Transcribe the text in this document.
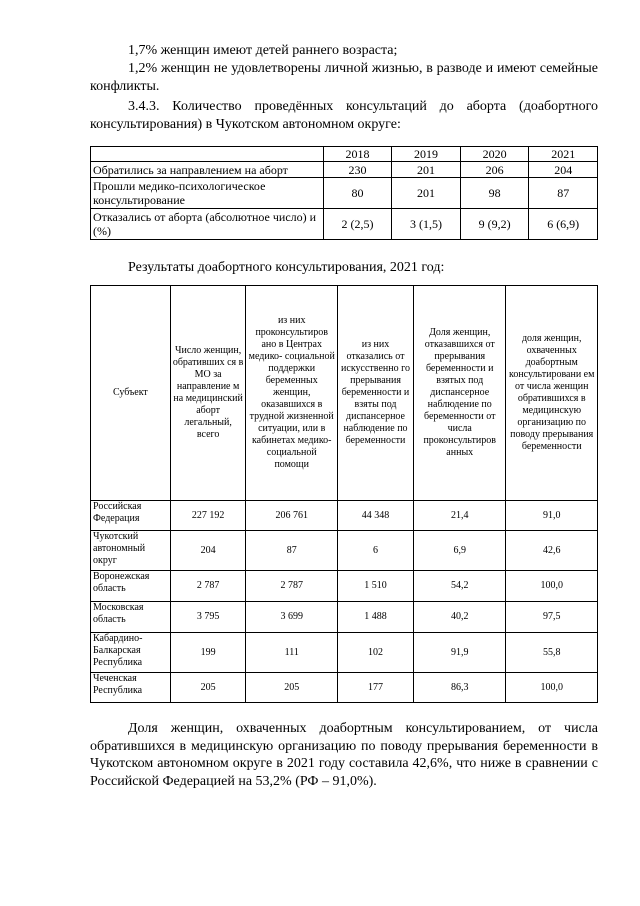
1,7% женщин имеют детей раннего возраста;

1,2% женщин не удовлетворены личной жизнью, в разводе и имеют семейные конфликты.

3.4.3. Количество проведённых консультаций до аборта (доабортного консультирования) в Чукотском автономном округе:

	2018	2019	2020	2021
Обратились за направлением на аборт	230	201	206	204
Прошли медико-психологическое консультирование	80	201	98	87
Отказались от аборта (абсолютное число) и (%)	2 (2,5)	3 (1,5)	9 (9,2)	6 (6,9)

Результаты доабортного консультирования, 2021 год:

Субъект	Число женщин, обративших ся в МО за направление м на медицинский аборт легальный, всего	из них проконсультиров ано в Центрах медико- социальной поддержки беременных женщин, оказавшихся в трудной жизненной ситуации, или в кабинетах медико- социальной помощи	из них отказались от искусственно го прерывания беременности и взяты под диспансерное наблюдение по беременности	Доля женщин, отказавшихся от прерывания беременности и взятых под диспансерное наблюдение по беременности от числа проконсультиров анных	доля женщин, охваченных доабортным консультировани ем от числа женщин обратившихся в медицинскую организацию по поводу прерывания беременности
Российская Федерация	227 192	206 761	44 348	21,4	91,0
Чукотский автономный округ	204	87	6	6,9	42,6
Воронежская область	2 787	2 787	1 510	54,2	100,0
Московская область	3 795	3 699	1 488	40,2	97,5
Кабардино-Балкарская Республика	199	111	102	91,9	55,8
Чеченская Республика	205	205	177	86,3	100,0

Доля женщин, охваченных доабортным консультированием, от числа обратившихся в медицинскую организацию по поводу прерывания беременности в Чукотском автономном округе в 2021 году составила 42,6%, что ниже в сравнении с Российской Федерацией на 53,2% (РФ – 91,0%).
